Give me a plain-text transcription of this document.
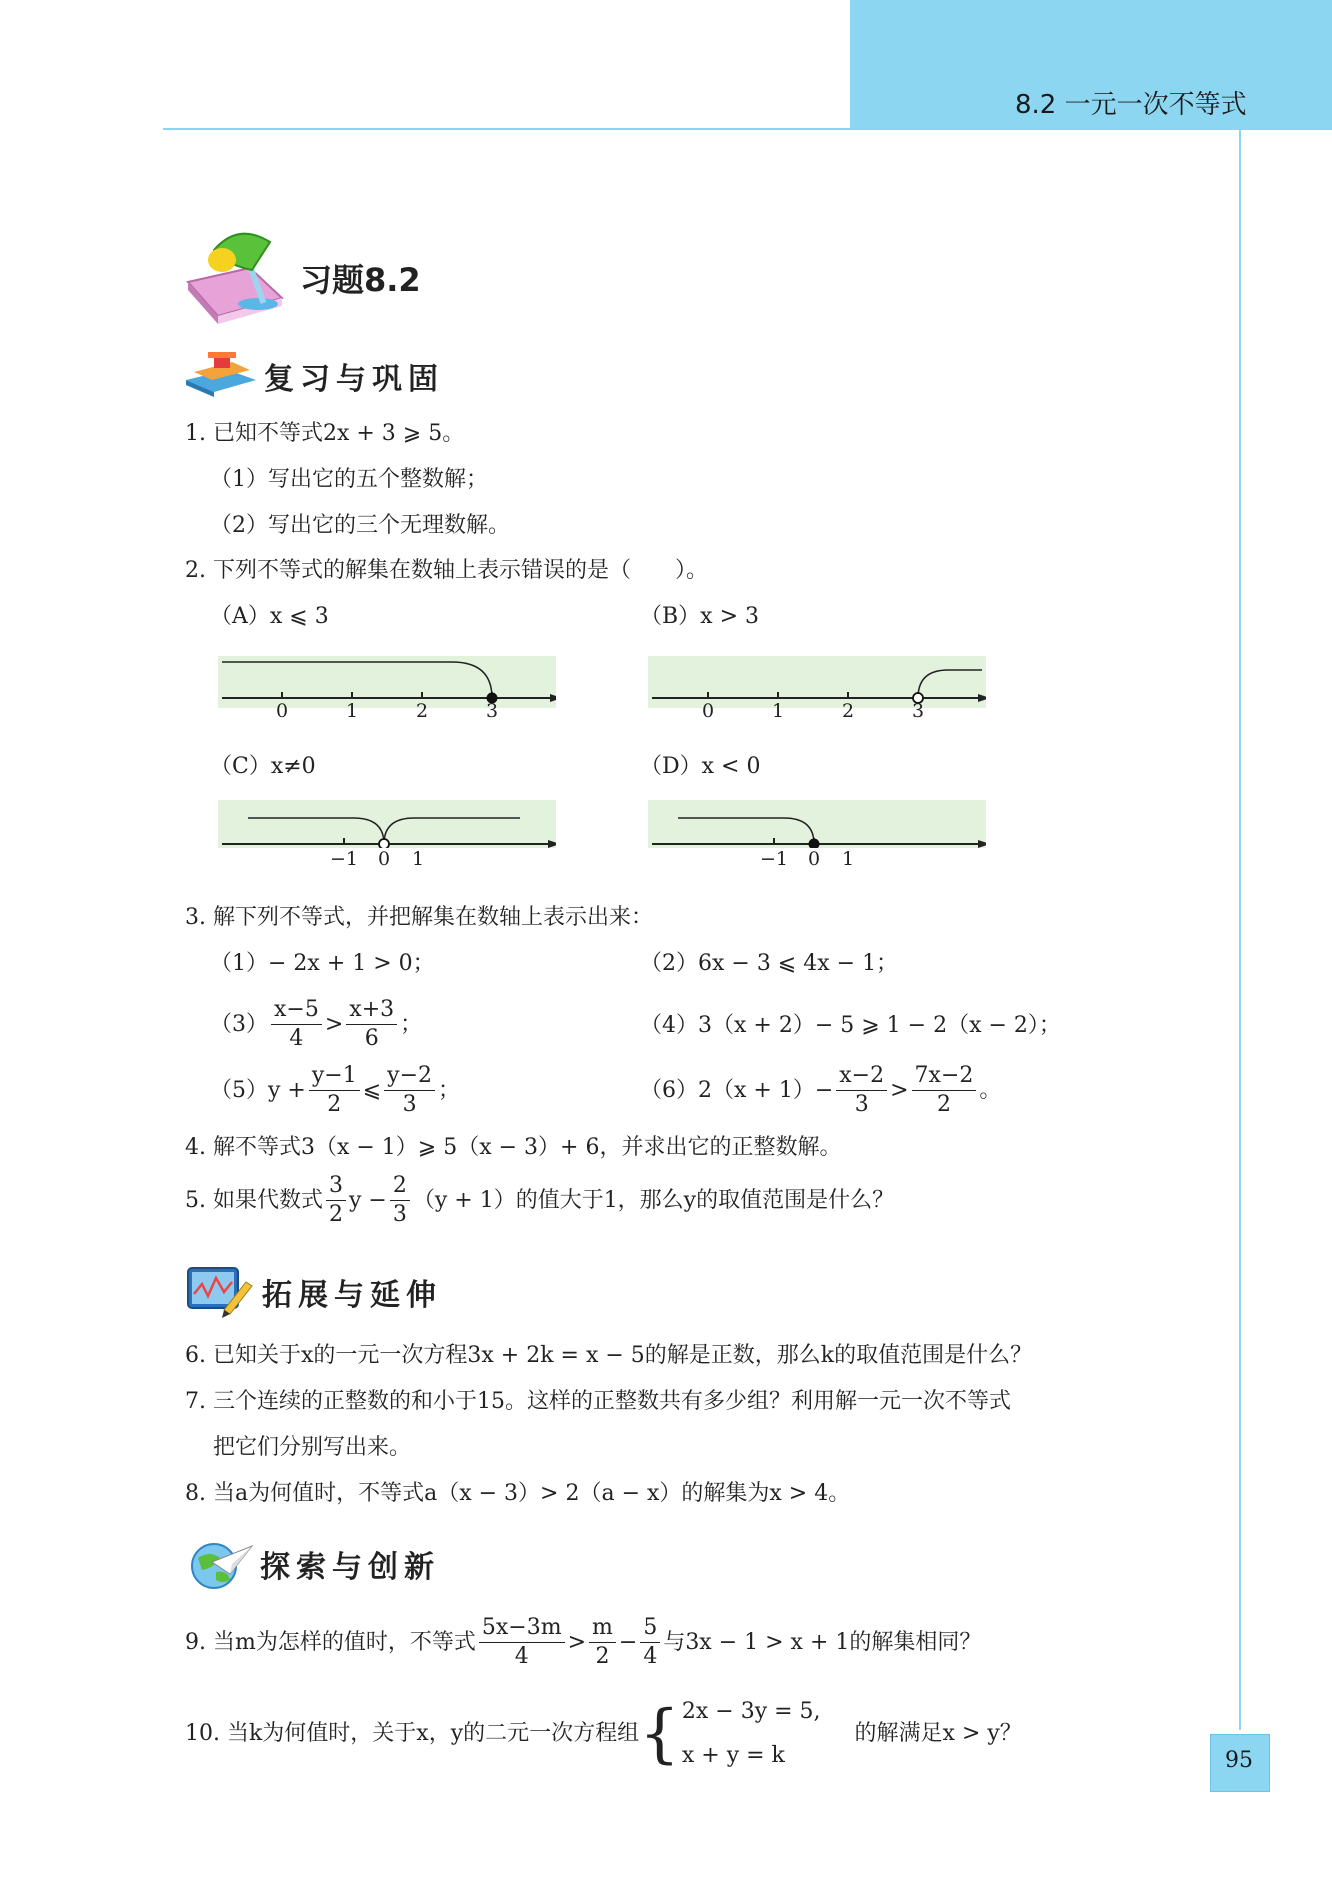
8.2 一元一次不等式
习题8.2
复习与巩固
1. 已知不等式2x + 3 ⩾ 5。
（1）写出它的五个整数解；
（2）写出它的三个无理数解。
2. 下列不等式的解集在数轴上表示错误的是（　　）。
（A）x ⩽ 3	（B）x > 3
0	1	2	3	0	1	2	3
（C）x≠0	（D）x < 0
−1 0 1	−1 0 1
3. 解下列不等式，并把解集在数轴上表示出来：
（1）− 2x + 1 > 0；	（2）6x − 3 ⩽ 4x − 1；
$(3) \frac{x-5}{4} > \frac{x+3}{6}$ ；	（4）3（x + 2）− 5 ⩾ 1 − 2（x − 2）；
$(5)y + \frac{y-1}{2}$ ⩽ $\frac{y-2}{3}$ ；	$(6)2(x + 1)- \frac{x-2}{3} > \frac{7x-2}{2}$ 。
4. 解不等式3（x − 1）⩾ 5（x − 3）+ 6，并求出它的正整数解。
5. 如果代数式 $\frac{3}{2}$ $y - \frac{2}{3} (y + 1)$的值大于1，那么y的取值范围是什么？
拓展与延伸
6. 已知关于x的一元一次方程3x + 2k = x − 5的解是正数，那么k的取值范围是什么？
7. 三个连续的正整数的和小于15。这样的正整数共有多少组？利用解一元一次不等式
把它们分别写出来。
8. 当a为何值时，不等式a（x − 3）> 2（a − x）的解集为x > 4。
探索与创新
9. 当m为怎样的值时，不等式 $\frac{5x-3m}{4} > \frac{m}{2} - \frac{5}{4}$ 与3x − 1 > x + 1的解集相同？
10. 当k为何值时，关于x，y的二元一次方程组 { 2x − 3y = 5,
x + y = k
的解满足x > y？
95
